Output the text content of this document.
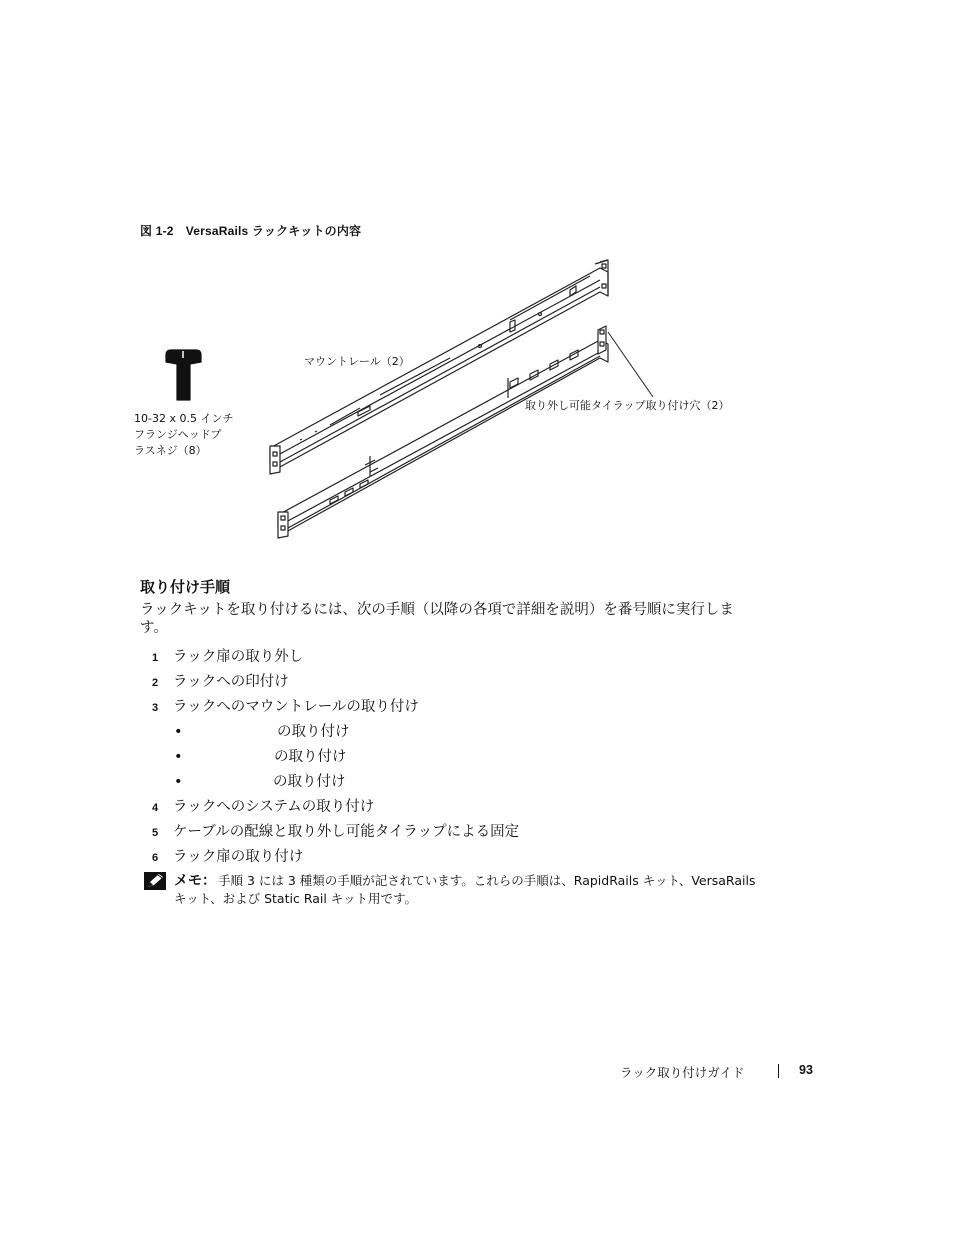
図 1-2 VersaRails ラックキットの内容
10-32 x 0.5 インチ
フランジヘッドプ
ラスネジ（8）
マウントレール（2）
取り外し可能タイラップ取り付け穴（2）
取り付け手順
ラックキットを取り付けるには、次の手順（以降の各項で詳細を説明）を番号順に実行します。
1 ラック扉の取り外し
2 ラックへの印付け
3 ラックへのマウントレールの取り付け
•	の取り付け
•	の取り付け
•	の取り付け
4 ラックへのシステムの取り付け
5 ケーブルの配線と取り外し可能タイラップによる固定
6 ラック扉の取り付け
メモ： 手順 3 には 3 種類の手順が記されています。これらの手順は、RapidRails キット、VersaRails キット、および Static Rail キット用です。
ラック取り付けガイド	93
